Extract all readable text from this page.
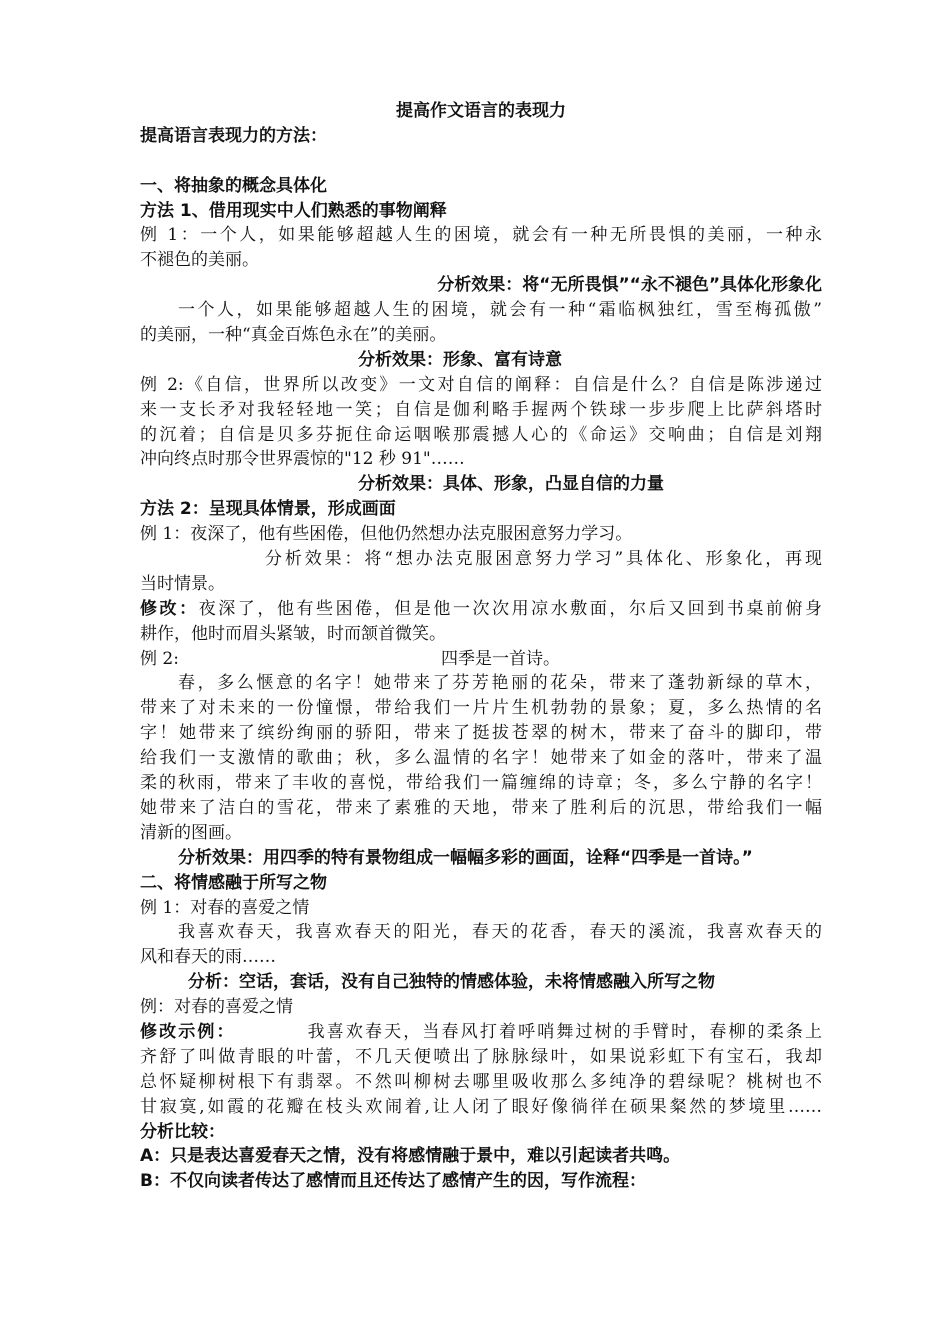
提高作文语言的表现力
提高语言表现力的方法：
一、将抽象的概念具体化
方法 1、借用现实中人们熟悉的事物阐释
例 1：一个人，如果能够超越人生的困境，就会有一种无所畏惧的美丽，一种永
不褪色的美丽。
分析效果：将“无所畏惧”“永不褪色”具体化形象化
一个人，如果能够超越人生的困境，就会有一种“霜临枫独红，雪至梅孤傲”
的美丽，一种“真金百炼色永在”的美丽。
分析效果：形象、富有诗意
例 2:《自信，世界所以改变》一文对自信的阐释：自信是什么？自信是陈涉递过
来一支长矛对我轻轻地一笑；自信是伽利略手握两个铁球一步步爬上比萨斜塔时
的沉着；自信是贝多芬扼住命运咽喉那震撼人心的《命运》交响曲；自信是刘翔
冲向终点时那令世界震惊的"12 秒 91"……
分析效果：具体、形象，凸显自信的力量
方法 2：呈现具体情景，形成画面
例 1：夜深了，他有些困倦，但他仍然想办法克服困意努力学习。
分析效果：将“想办法克服困意努力学习”具体化、形象化，再现
当时情景。
修改：夜深了，他有些困倦，但是他一次次用凉水敷面，尔后又回到书桌前俯身
耕作，他时而眉头紧皱，时而颔首微笑。
例 2:	四季是一首诗。
春，多么惬意的名字！她带来了芬芳艳丽的花朵，带来了蓬勃新绿的草木，
带来了对未来的一份憧憬，带给我们一片片生机勃勃的景象；夏，多么热情的名
字！她带来了缤纷绚丽的骄阳，带来了挺拔苍翠的树木，带来了奋斗的脚印，带
给我们一支激情的歌曲；秋，多么温情的名字！她带来了如金的落叶，带来了温
柔的秋雨，带来了丰收的喜悦，带给我们一篇缠绵的诗章；冬，多么宁静的名字！
她带来了洁白的雪花，带来了素雅的天地，带来了胜利后的沉思，带给我们一幅
清新的图画。
分析效果：用四季的特有景物组成一幅幅多彩的画面，诠释“四季是一首诗。”
二、将情感融于所写之物
例 1：对春的喜爱之情
我喜欢春天，我喜欢春天的阳光，春天的花香，春天的溪流，我喜欢春天的
风和春天的雨……
分析：空话，套话，没有自己独特的情感体验，未将情感融入所写之物
例：对春的喜爱之情
修改示例：	我喜欢春天，当春风打着呼哨舞过树的手臂时，春柳的柔条上
齐舒了叫做青眼的叶蕾，不几天便喷出了脉脉绿叶，如果说彩虹下有宝石，我却
总怀疑柳树根下有翡翠。不然叫柳树去哪里吸收那么多纯净的碧绿呢？桃树也不
甘寂寞,如霞的花瓣在枝头欢闹着,让人闭了眼好像徜徉在硕果粲然的梦境里……
分析比较：
A：只是表达喜爱春天之情，没有将感情融于景中，难以引起读者共鸣。
B：不仅向读者传达了感情而且还传达了感情产生的因，写作流程：
